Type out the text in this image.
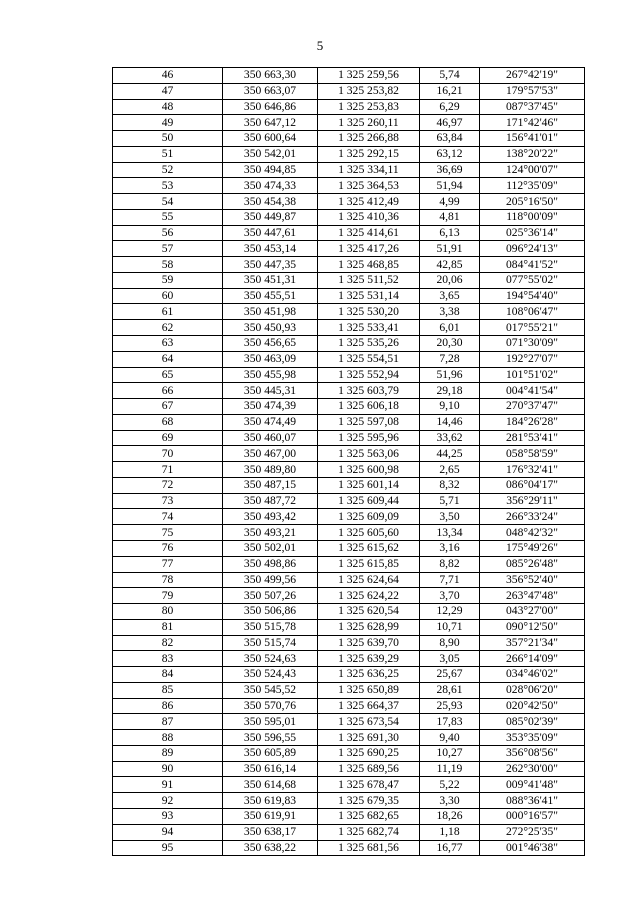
5
46	350 663,30	1 325 259,56	5,74	267°42'19"
47	350 663,07	1 325 253,82	16,21	179°57'53"
48	350 646,86	1 325 253,83	6,29	087°37'45"
49	350 647,12	1 325 260,11	46,97	171°42'46"
50	350 600,64	1 325 266,88	63,84	156°41'01"
51	350 542,01	1 325 292,15	63,12	138°20'22"
52	350 494,85	1 325 334,11	36,69	124°00'07"
53	350 474,33	1 325 364,53	51,94	112°35'09"
54	350 454,38	1 325 412,49	4,99	205°16'50"
55	350 449,87	1 325 410,36	4,81	118°00'09"
56	350 447,61	1 325 414,61	6,13	025°36'14"
57	350 453,14	1 325 417,26	51,91	096°24'13"
58	350 447,35	1 325 468,85	42,85	084°41'52"
59	350 451,31	1 325 511,52	20,06	077°55'02"
60	350 455,51	1 325 531,14	3,65	194°54'40"
61	350 451,98	1 325 530,20	3,38	108°06'47"
62	350 450,93	1 325 533,41	6,01	017°55'21"
63	350 456,65	1 325 535,26	20,30	071°30'09"
64	350 463,09	1 325 554,51	7,28	192°27'07"
65	350 455,98	1 325 552,94	51,96	101°51'02"
66	350 445,31	1 325 603,79	29,18	004°41'54"
67	350 474,39	1 325 606,18	9,10	270°37'47"
68	350 474,49	1 325 597,08	14,46	184°26'28"
69	350 460,07	1 325 595,96	33,62	281°53'41"
70	350 467,00	1 325 563,06	44,25	058°58'59"
71	350 489,80	1 325 600,98	2,65	176°32'41"
72	350 487,15	1 325 601,14	8,32	086°04'17"
73	350 487,72	1 325 609,44	5,71	356°29'11"
74	350 493,42	1 325 609,09	3,50	266°33'24"
75	350 493,21	1 325 605,60	13,34	048°42'32"
76	350 502,01	1 325 615,62	3,16	175°49'26"
77	350 498,86	1 325 615,85	8,82	085°26'48"
78	350 499,56	1 325 624,64	7,71	356°52'40"
79	350 507,26	1 325 624,22	3,70	263°47'48"
80	350 506,86	1 325 620,54	12,29	043°27'00"
81	350 515,78	1 325 628,99	10,71	090°12'50"
82	350 515,74	1 325 639,70	8,90	357°21'34"
83	350 524,63	1 325 639,29	3,05	266°14'09"
84	350 524,43	1 325 636,25	25,67	034°46'02"
85	350 545,52	1 325 650,89	28,61	028°06'20"
86	350 570,76	1 325 664,37	25,93	020°42'50"
87	350 595,01	1 325 673,54	17,83	085°02'39"
88	350 596,55	1 325 691,30	9,40	353°35'09"
89	350 605,89	1 325 690,25	10,27	356°08'56"
90	350 616,14	1 325 689,56	11,19	262°30'00"
91	350 614,68	1 325 678,47	5,22	009°41'48"
92	350 619,83	1 325 679,35	3,30	088°36'41"
93	350 619,91	1 325 682,65	18,26	000°16'57"
94	350 638,17	1 325 682,74	1,18	272°25'35"
95	350 638,22	1 325 681,56	16,77	001°46'38"
